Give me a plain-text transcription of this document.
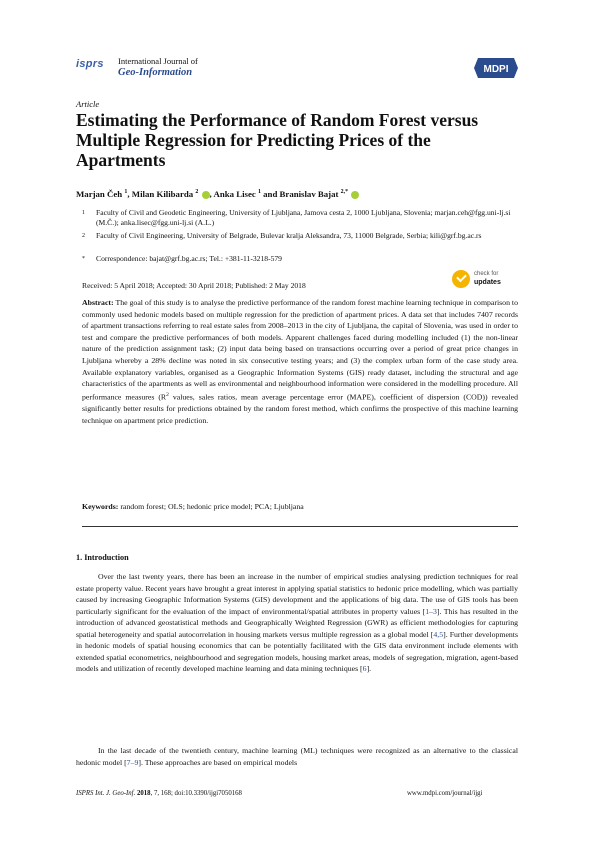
isprs	International Journal of
Geo-Information	MDPI
Article
Estimating the Performance of Random Forest versus Multiple Regression for Predicting Prices of the Apartments
Marjan Čeh $^1$, Milan Kilibarda $^2$ , Anka Lisec $^1$ and Branislav Bajat $^{2,*}$
1 Faculty of Civil and Geodetic Engineering, University of Ljubljana, Jamova cesta 2, 1000 Ljubljana, Slovenia; marjan.ceh@fgg.uni-lj.si (M.Č.); anka.lisec@fgg.uni-lj.si (A.L.)
2 Faculty of Civil Engineering, University of Belgrade, Bulevar kralja Aleksandra, 73, 11000 Belgrade, Serbia; kili@grf.bg.ac.rs
* Correspondence: bajat@grf.bg.ac.rs; Tel.: +381-11-3218-579
Received: 5 April 2018; Accepted: 30 April 2018; Published: 2 May 2018
check for
updates
Abstract: The goal of this study is to analyse the predictive performance of the random forest machine learning technique in comparison to commonly used hedonic models based on multiple regression for the prediction of apartment prices. A data set that includes 7407 records of apartment transactions referring to real estate sales from 2008–2013 in the city of Ljubljana, the capital of Slovenia, was used in order to test and compare the predictive performances of both models. Apparent challenges faced during modelling included (1) the non-linear nature of the prediction assignment task; (2) input data being based on transactions occurring over a period of great price changes in Ljubljana whereby a 28% decline was noted in six consecutive testing years; and (3) the complex urban form of the case study area. Available explanatory variables, organised as a Geographic Information Systems (GIS) ready dataset, including the structural and age characteristics of the apartments as well as environmental and neighbourhood information were considered in the modelling procedure. All performance measures ($R^2$ values, sales ratios, mean average percentage error (MAPE), coefficient of dispersion (COD)) revealed significantly better results for predictions obtained by the random forest method, which confirms the prospective of this machine learning technique on apartment price prediction.
Keywords: random forest; OLS; hedonic price model; PCA; Ljubljana
1. Introduction
Over the last twenty years, there has been an increase in the number of empirical studies analysing prediction techniques for real estate property value. Recent years have brought a great interest in applying spatial statistics to hedonic price modelling, which was partially caused by increasing Geographic Information Systems (GIS) development and the applications of big data. The use of GIS tools has been particularly significant for the evaluation of the impact of environmental/spatial attributes in property values [1–3]. This has resulted in the introduction of advanced geostatistical methods and Geographically Weighted Regression (GWR) as efficient methodologies for capturing spatial heterogeneity and spatial autocorrelation in housing markets versus multiple regression as a global model [4,5]. Further developments in hedonic models of spatial housing economics that can be potentially facilitated with the GIS data environment include elements with extended spatial econometrics, neighbourhood and segregation models, housing market areas, models of segregation, migration, agent-based models and utilization of recently developed machine learning and data mining techniques [6].
In the last decade of the twentieth century, machine learning (ML) techniques were recognized as an alternative to the classical hedonic model [7–9]. These approaches are based on empirical models
ISPRS Int. J. Geo-Inf. 2018, 7, 168; doi:10.3390/ijgi7050168	www.mdpi.com/journal/ijgi
